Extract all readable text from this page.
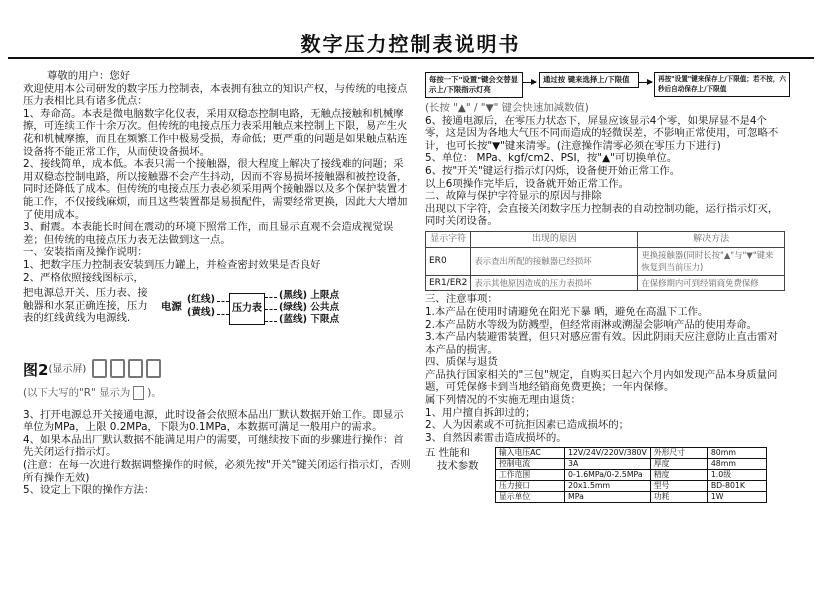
数字压力控制表说明书

尊敬的用户：您好

欢迎使用本公司研发的数字压力控制表，本表拥有独立的知识产权，与传统的电接点压力表相比具有诸多优点：

1、寿命高。本表是微电脑数字化仪表，采用双稳态控制电路，无触点接触和机械摩擦，可连续工作十余万次。但传统的电接点压力表采用触点来控制上下限，易产生火花和机械摩擦，而且在频繁工作中极易受损，寿命低；更严重的问题是如果触点粘连设备将不能正常工作，从而使设备损坏。

2、接线简单，成本低。本表只需一个接触器，很大程度上解决了接线难的问题；采用双稳态控制电路，所以接触器不会产生抖动，因而不容易损坏接触器和被控设备，同时还降低了成本。但传统的电接点压力表必须采用两个接触器以及多个保护装置才能工作，不仅接线麻烦，而且这些装置都是易损配件，需要经常更换，因此大大增加了使用成本。

3、耐震。本表能长时间在震动的环境下照常工作，而且显示直观不会造成视觉误差；但传统的电接点压力表无法做到这一点。

一、安装指南及操作说明：

1、把数字压力控制表安装到压力罐上，并检查密封效果是否良好

2、严格依照接线图标示，

把电源总开关、压力表、接触器和水泵正确连接，压力表的红线黄线为电源线.
电源
(红线)
(黄线)	压力表
(黑线) 上限点
(绿线) 公共点
(蓝线) 下限点
图2 (显示屏)

(以下大写的"R" 显示为 )。

3、打开电源总开关接通电源，此时设备会依照本品出厂默认数据开始工作。即显示单位为MPa，上限 0.2MPa，下限为0.1MPa，本数据可满足一般用户的需求。

4、如果本品出厂默认数据不能满足用户的需要，可继续按下面的步骤进行操作：首先关闭运行指示灯。

(注意：在每一次进行数据调整操作的时候，必须先按"开关"键关闭运行指示灯，否则所有操作无效)

5、设定上下限的操作方法：

每按一下"设置"键会交替显示上/下限指示灯亮
通过按 键来选择上/下限值	再按"设置"键来保存上/下限值；若不按，六秒后自动保存上/下限值

(长按 "▲" / "▼" 键会快速加减数值)

6、接通电源后，在零压力状态下，屏显应该显示4个零，如果屏显不是4个零，这是因为各地大气压不同而造成的轻微误差，不影响正常使用，可忽略不计，也可长按"▼"键来清零。(注意操作清零必须在零压力下进行)

5、单位： MPa、kgf/cm2、PSI，按"▲"可切换单位。

6、按"开关"键运行指示灯闪烁，设备便开始正常工作。

以上6项操作完毕后，设备就开始正常工作。

二、故障与保护字符显示的原因与排除

出现以下字符，会直接关闭数字压力控制表的自动控制功能，运行指示灯灭，同时关闭设备。

显示字符	出现的原因	解决方法
ER0	表示查出所配的接触器已经损坏	更换接触器(同时长按"▲"与"▼"键来恢复到当前压力)
ER1/ER2	表示其他原因造成的压力表损坏	在保修期内可到经销商免费保修

三、注意事项：

1.本产品在使用时请避免在阳光下暴 晒，避免在高温下工作。

2.本产品防水等级为防溅型，但经常雨淋或溯湿会影响产品的使用寿命。

3.本产品内装避雷装置，但只对感应雷有效。因此阴雨天应注意防止直击雷对本产品的损害。

四、质保与退货

产品执行国家相关的"三包"规定，自购买日起六个月内如发现产品本身质量问题，可凭保修卡到当地经销商免费更换；一年内保修。

属下列情况的不实施无理由退货：

1、用户擅自拆卸过的；

2、人为因素或不可抗拒因素已造成损坏的；

3、自然因素雷击造成损坏的。

五 性能和
技术参数
输入电压AC	12V/24V/220V/380V	外形尺寸	80mm
控制电流	3A	厚度	48mm
工作范围	0-1.6MPa/0-2.5MPa	精度	1.0级
压力接口	20x1.5mm	型号	BD-801K
显示单位	MPa	功耗	1W
